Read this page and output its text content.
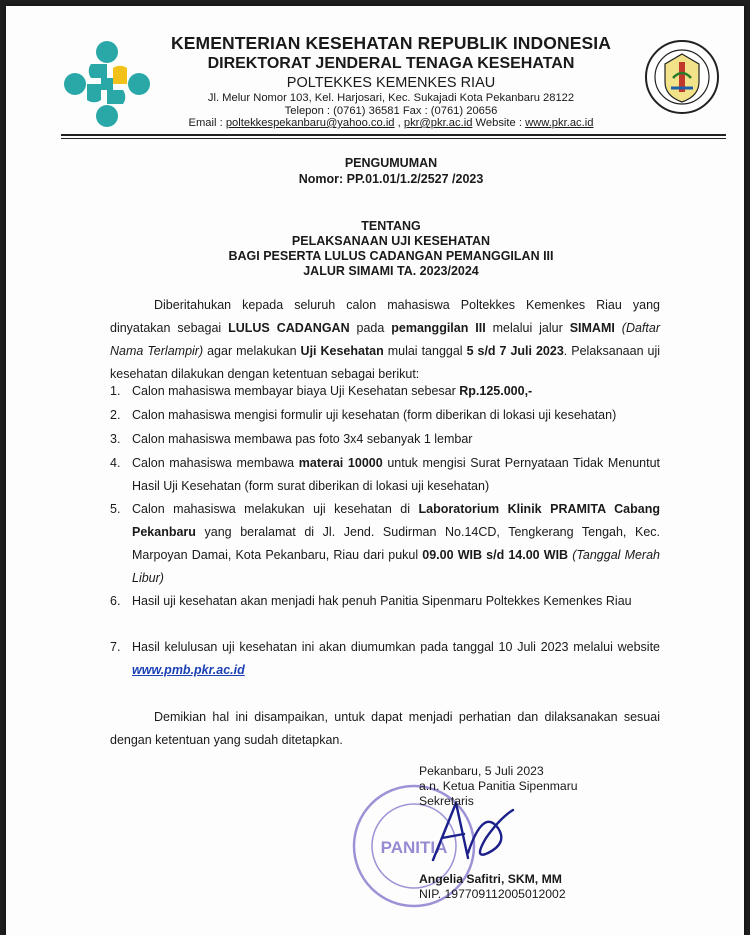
KEMENTERIAN KESEHATAN REPUBLIK INDONESIA
DIREKTORAT JENDERAL TENAGA KESEHATAN
POLTEKKES KEMENKES RIAU
Jl. Melur Nomor 103, Kel. Harjosari, Kec. Sukajadi Kota Pekanbaru 28122
Telepon : (0761) 36581 Fax : (0761) 20656
Email : poltekkespekanbaru@yahoo.co.id , pkr@pkr.ac.id Website : www.pkr.ac.id
PENGUMUMAN
Nomor: PP.01.01/1.2/2527 /2023
TENTANG
PELAKSANAAN UJI KESEHATAN
BAGI PESERTA LULUS CADANGAN PEMANGGILAN III
JALUR SIMAMI TA. 2023/2024
Diberitahukan kepada seluruh calon mahasiswa Poltekkes Kemenkes Riau yang dinyatakan sebagai LULUS CADANGAN pada pemanggilan III melalui jalur SIMAMI (Daftar Nama Terlampir) agar melakukan Uji Kesehatan mulai tanggal 5 s/d 7 Juli 2023. Pelaksanaan uji kesehatan dilakukan dengan ketentuan sebagai berikut:
1. Calon mahasiswa membayar biaya Uji Kesehatan sebesar Rp.125.000,-
2. Calon mahasiswa mengisi formulir uji kesehatan (form diberikan di lokasi uji kesehatan)
3. Calon mahasiswa membawa pas foto 3x4 sebanyak 1 lembar
4. Calon mahasiswa membawa materai 10000 untuk mengisi Surat Pernyataan Tidak Menuntut Hasil Uji Kesehatan (form surat diberikan di lokasi uji kesehatan)
5. Calon mahasiswa melakukan uji kesehatan di Laboratorium Klinik PRAMITA Cabang Pekanbaru yang beralamat di Jl. Jend. Sudirman No.14CD, Tengkerang Tengah, Kec. Marpoyan Damai, Kota Pekanbaru, Riau dari pukul 09.00 WIB s/d 14.00 WIB (Tanggal Merah Libur)
6. Hasil uji kesehatan akan menjadi hak penuh Panitia Sipenmaru Poltekkes Kemenkes Riau
7. Hasil kelulusan uji kesehatan ini akan diumumkan pada tanggal 10 Juli 2023 melalui website www.pmb.pkr.ac.id
Demikian hal ini disampaikan, untuk dapat menjadi perhatian dan dilaksanakan sesuai dengan ketentuan yang sudah ditetapkan.
PANITIA
Pekanbaru, 5 Juli 2023
a.n. Ketua Panitia Sipenmaru
Sekretaris
Angelia Safitri, SKM, MM
NIP. 197709112005012002
